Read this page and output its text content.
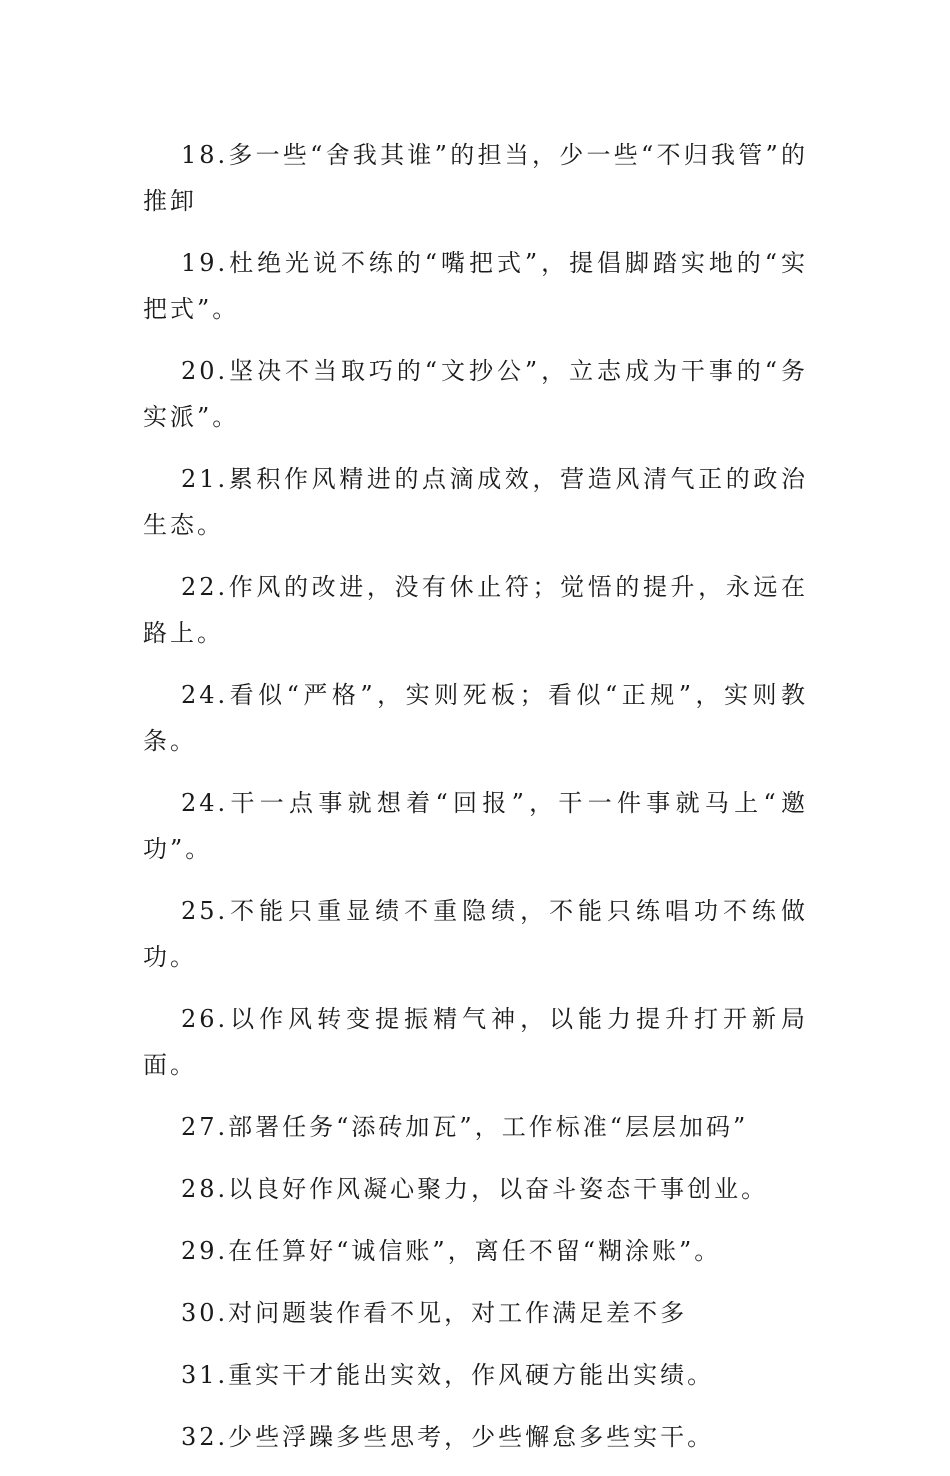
18.多一些“舍我其谁”的担当，少一些“不归我管”的推卸

19.杜绝光说不练的“嘴把式”，提倡脚踏实地的“实把式”。

20.坚决不当取巧的“文抄公”，立志成为干事的“务实派”。

21.累积作风精进的点滴成效，营造风清气正的政治生态。

22.作风的改进，没有休止符；觉悟的提升，永远在路上。

24.看似“严格”，实则死板；看似“正规”，实则教条。

24.干一点事就想着“回报”，干一件事就马上“邀功”。

25.不能只重显绩不重隐绩，不能只练唱功不练做功。

26.以作风转变提振精气神，以能力提升打开新局面。

27.部署任务“添砖加瓦”，工作标准“层层加码”

28.以良好作风凝心聚力，以奋斗姿态干事创业。

29.在任算好“诚信账”，离任不留“糊涂账”。

30.对问题装作看不见，对工作满足差不多

31.重实干才能出实效，作风硬方能出实绩。

32.少些浮躁多些思考，少些懈怠多些实干。
